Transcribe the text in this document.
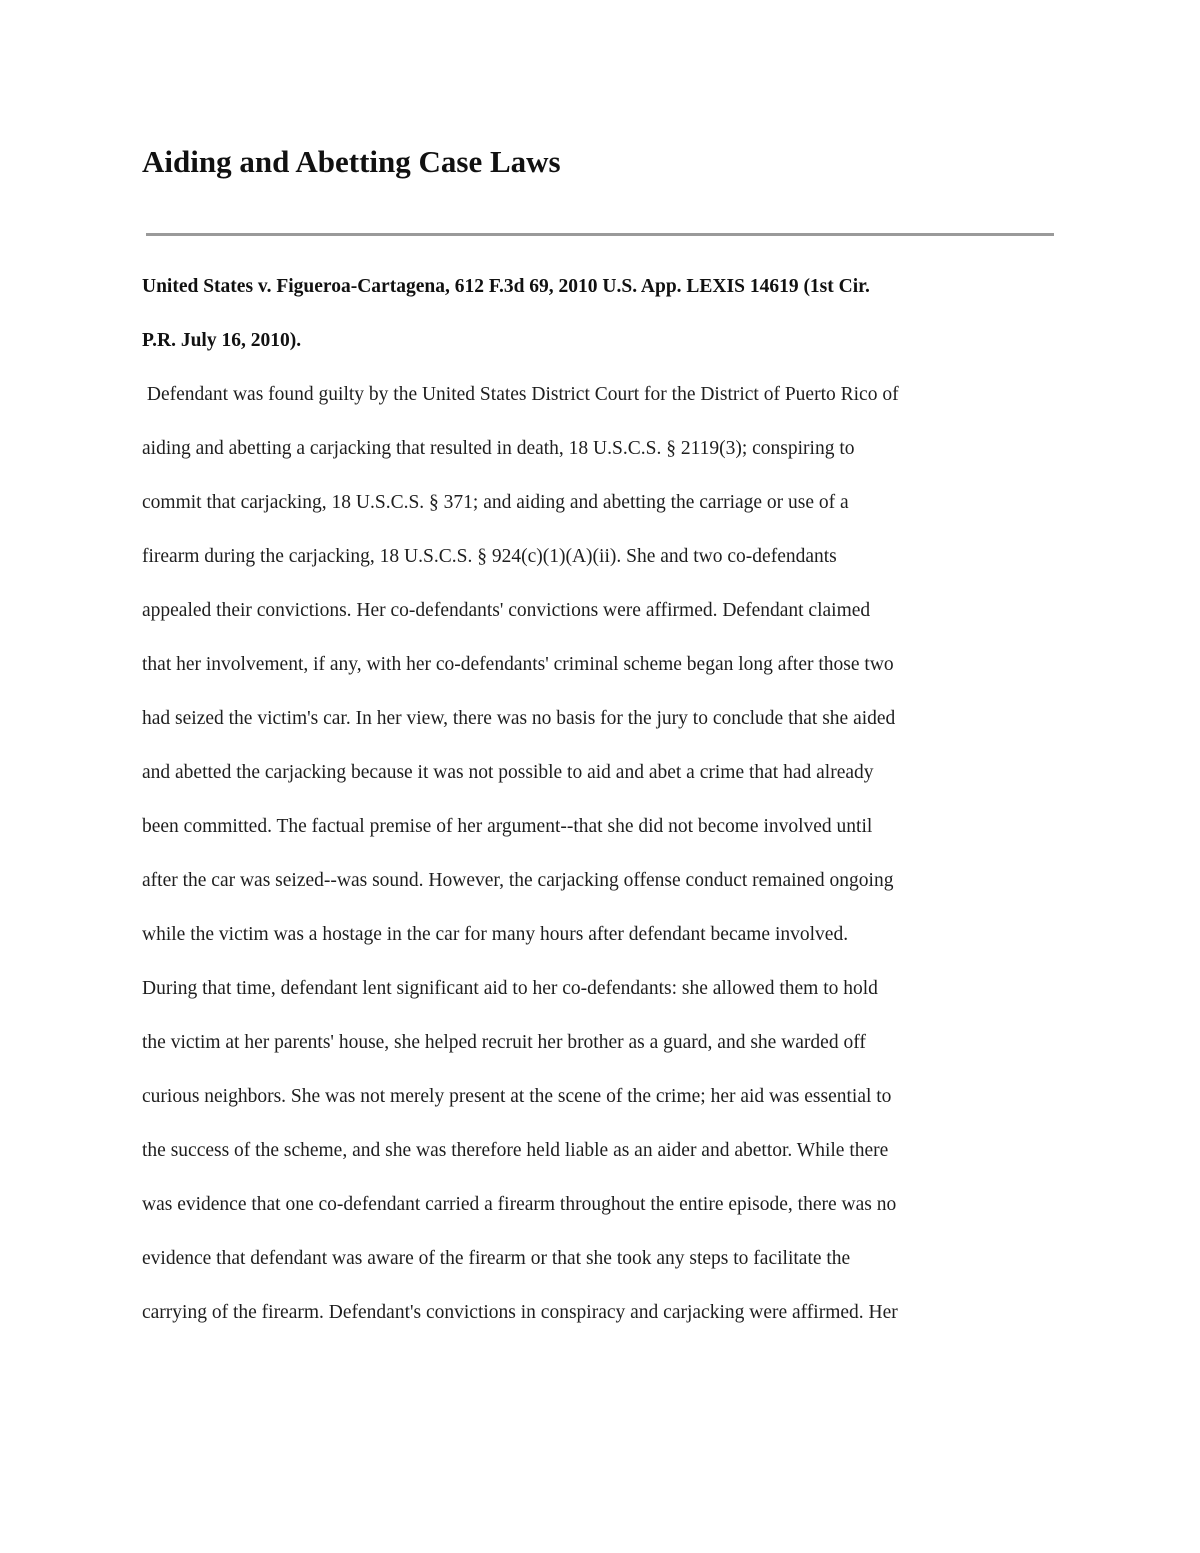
Aiding and Abetting Case Laws
United States v. Figueroa-Cartagena, 612 F.3d 69, 2010 U.S. App. LEXIS 14619 (1st Cir.
P.R. July 16, 2010).
Defendant was found guilty by the United States District Court for the District of Puerto Rico of
aiding and abetting a carjacking that resulted in death, 18 U.S.C.S. § 2119(3); conspiring to
commit that carjacking, 18 U.S.C.S. § 371; and aiding and abetting the carriage or use of a
firearm during the carjacking, 18 U.S.C.S. § 924(c)(1)(A)(ii). She and two co-defendants
appealed their convictions. Her co-defendants' convictions were affirmed. Defendant claimed
that her involvement, if any, with her co-defendants' criminal scheme began long after those two
had seized the victim's car. In her view, there was no basis for the jury to conclude that she aided
and abetted the carjacking because it was not possible to aid and abet a crime that had already
been committed. The factual premise of her argument--that she did not become involved until
after the car was seized--was sound. However, the carjacking offense conduct remained ongoing
while the victim was a hostage in the car for many hours after defendant became involved.
During that time, defendant lent significant aid to her co-defendants: she allowed them to hold
the victim at her parents' house, she helped recruit her brother as a guard, and she warded off
curious neighbors. She was not merely present at the scene of the crime; her aid was essential to
the success of the scheme, and she was therefore held liable as an aider and abettor. While there
was evidence that one co-defendant carried a firearm throughout the entire episode, there was no
evidence that defendant was aware of the firearm or that she took any steps to facilitate the
carrying of the firearm. Defendant's convictions in conspiracy and carjacking were affirmed. Her
